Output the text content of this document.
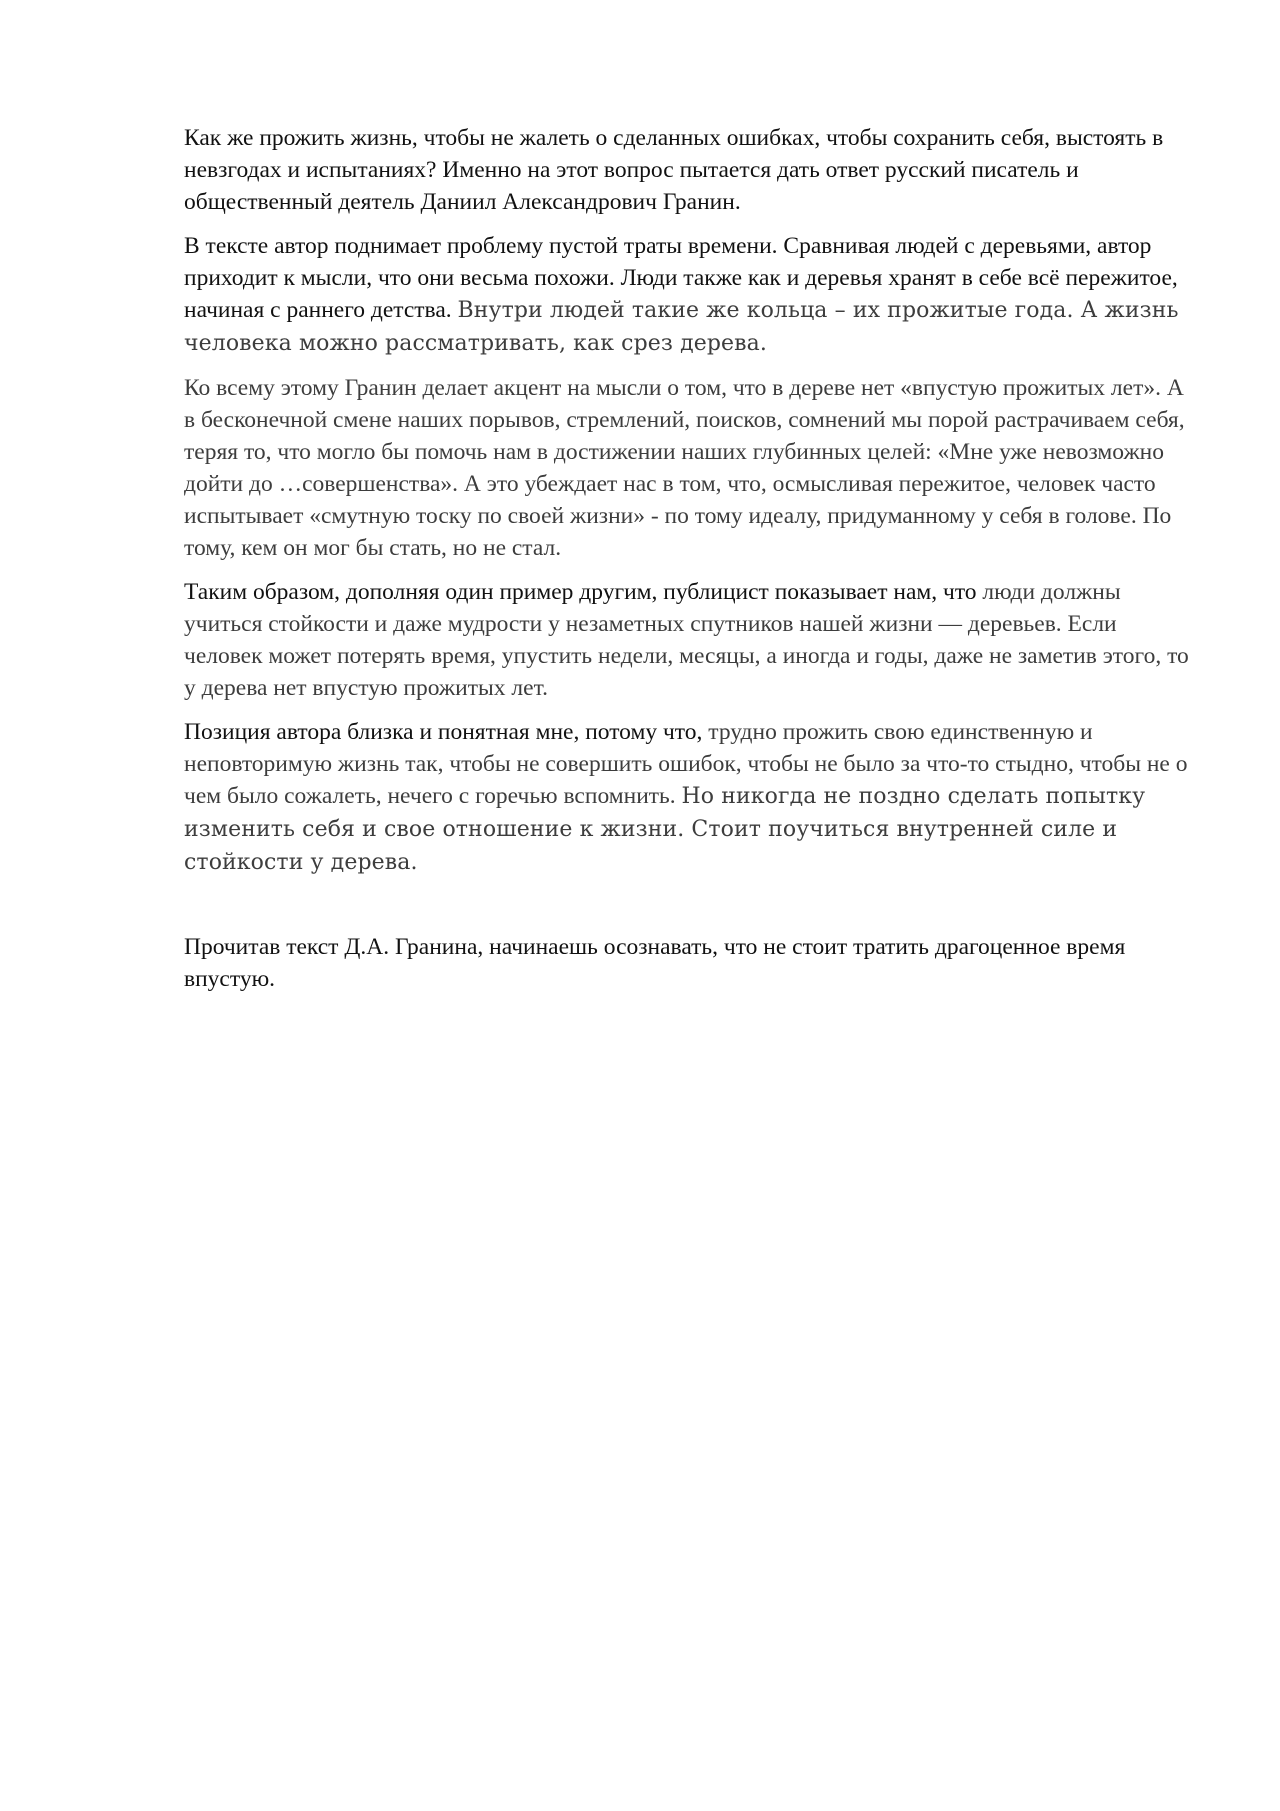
Как же прожить жизнь, чтобы не жалеть о сделанных ошибках, чтобы сохранить себя, выстоять в невзгодах и испытаниях? Именно на этот вопрос пытается дать ответ русский писатель и общественный деятель Даниил Александрович Гранин.

В тексте автор поднимает проблему пустой траты времени. Сравнивая людей с деревьями, автор приходит к мысли, что они весьма похожи. Люди также как и деревья хранят в себе всё пережитое, начиная с раннего детства. Внутри людей такие же кольца – их прожитые года. А жизнь человека можно рассматривать, как срез дерева.

Ко всему этому Гранин делает акцент на мысли о том, что в дереве нет «впустую прожитых лет». А в бесконечной смене наших порывов, стремлений, поисков, сомнений мы порой растрачиваем себя, теряя то, что могло бы помочь нам в достижении наших глубинных целей: «Мне уже невозможно дойти до …совершенства». А это убеждает нас в том, что, осмысливая пережитое, человек часто испытывает «смутную тоску по своей жизни» - по тому идеалу, придуманному у себя в голове. По тому, кем он мог бы стать, но не стал.

Таким образом, дополняя один пример другим, публицист показывает нам, что люди должны учиться стойкости и даже мудрости у незаметных спутников нашей жизни — деревьев. Если человек может потерять время, упустить недели, месяцы, а иногда и годы, даже не заметив этого, то у дерева нет впустую прожитых лет.

Позиция автора близка и понятная мне, потому что, трудно прожить свою единственную и неповторимую жизнь так, чтобы не совершить ошибок, чтобы не было за что-то стыдно, чтобы не о чем было сожалеть, нечего с горечью вспомнить. Но никогда не поздно сделать попытку изменить себя и свое отношение к жизни. Стоит поучиться внутренней силе и стойкости у дерева.

Прочитав текст Д.А. Гранина, начинаешь осознавать, что не стоит тратить драгоценное время впустую.
